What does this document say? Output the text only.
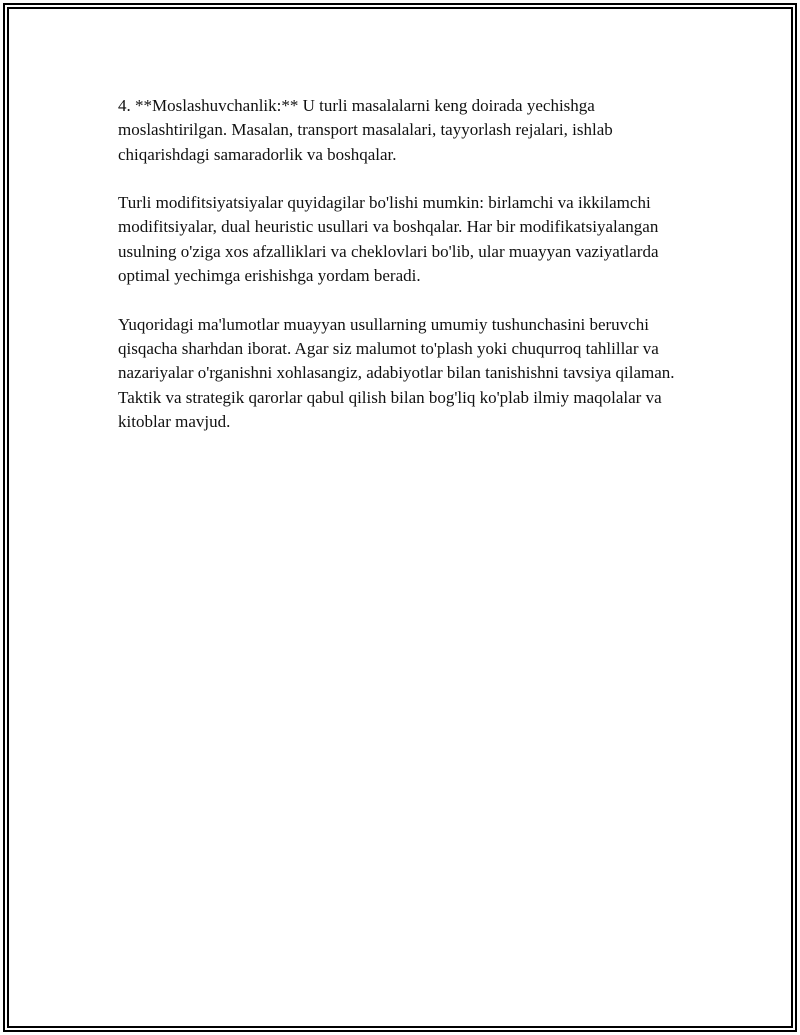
4. **Moslashuvchanlik:** U turli masalalarni keng doirada yechishga moslashtirilgan. Masalan, transport masalalari, tayyorlash rejalari, ishlab chiqarishdagi samaradorlik va boshqalar.

Turli modifitsiyatsiyalar quyidagilar bo'lishi mumkin: birlamchi va ikkilamchi modifitsiyalar, dual heuristic usullari va boshqalar. Har bir modifikatsiyalangan usulning o'ziga xos afzalliklari va cheklovlari bo'lib, ular muayyan vaziyatlarda optimal yechimga erishishga yordam beradi.

Yuqoridagi ma'lumotlar muayyan usullarning umumiy tushunchasini beruvchi qisqacha sharhdan iborat. Agar siz malumot to'plash yoki chuqurroq tahlillar va nazariyalar o'rganishni xohlasangiz, adabiyotlar bilan tanishishni tavsiya qilaman. Taktik va strategik qarorlar qabul qilish bilan bog'liq ko'plab ilmiy maqolalar va kitoblar mavjud.
